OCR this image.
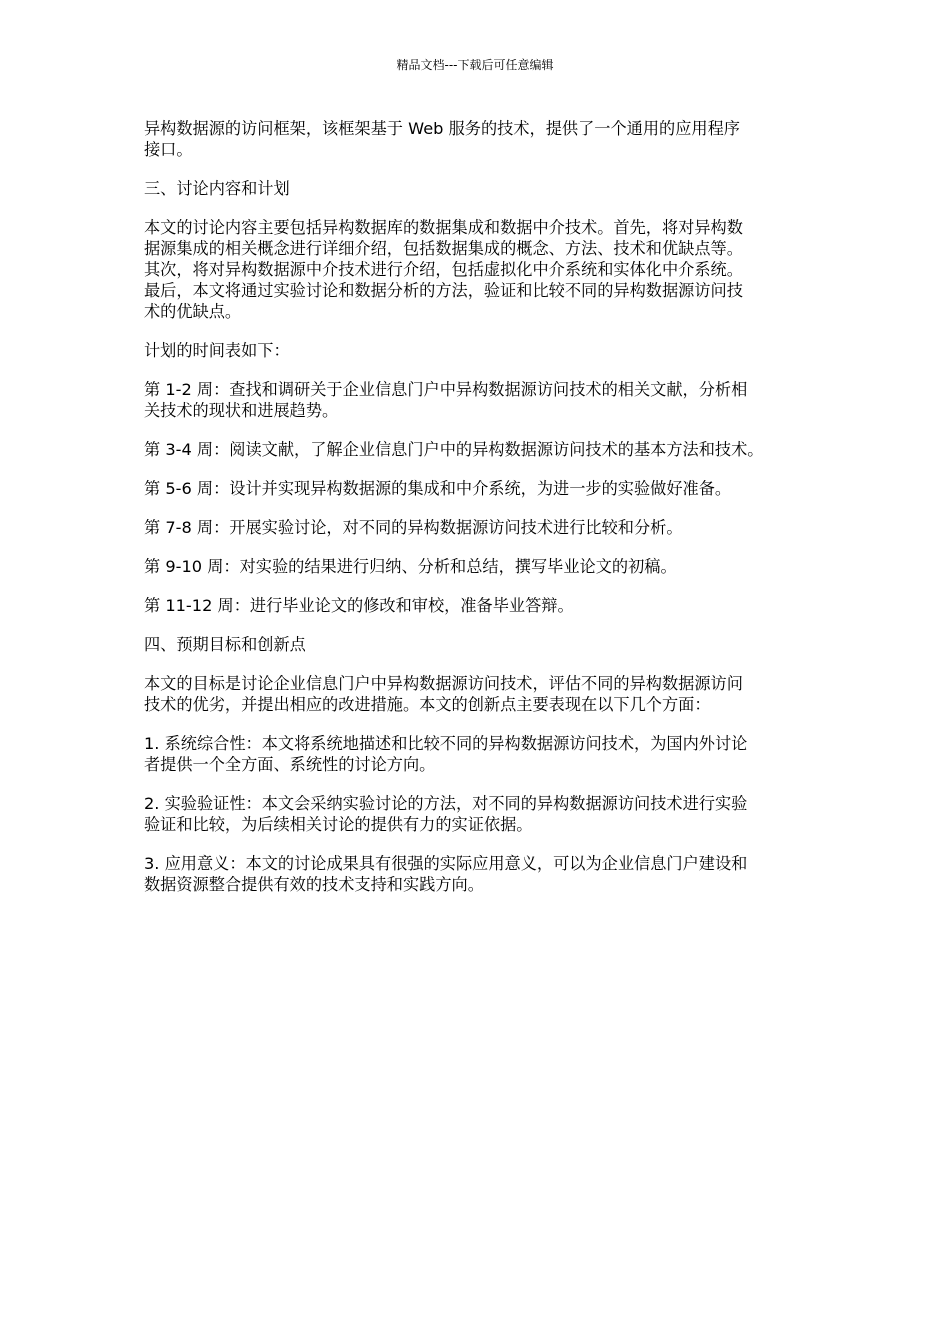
精品文档---下载后可任意编辑

异构数据源的访问框架，该框架基于 Web 服务的技术，提供了一个通用的应用程序
接口。

三、讨论内容和计划

本文的讨论内容主要包括异构数据库的数据集成和数据中介技术。首先，将对异构数
据源集成的相关概念进行详细介绍，包括数据集成的概念、方法、技术和优缺点等。
其次，将对异构数据源中介技术进行介绍，包括虚拟化中介系统和实体化中介系统。
最后，本文将通过实验讨论和数据分析的方法，验证和比较不同的异构数据源访问技
术的优缺点。

计划的时间表如下：

第 1-2 周：查找和调研关于企业信息门户中异构数据源访问技术的相关文献，分析相
关技术的现状和进展趋势。

第 3-4 周：阅读文献，了解企业信息门户中的异构数据源访问技术的基本方法和技术。

第 5-6 周：设计并实现异构数据源的集成和中介系统，为进一步的实验做好准备。

第 7-8 周：开展实验讨论，对不同的异构数据源访问技术进行比较和分析。

第 9-10 周：对实验的结果进行归纳、分析和总结，撰写毕业论文的初稿。

第 11-12 周：进行毕业论文的修改和审校，准备毕业答辩。

四、预期目标和创新点

本文的目标是讨论企业信息门户中异构数据源访问技术，评估不同的异构数据源访问
技术的优劣，并提出相应的改进措施。本文的创新点主要表现在以下几个方面：

1. 系统综合性：本文将系统地描述和比较不同的异构数据源访问技术，为国内外讨论
者提供一个全方面、系统性的讨论方向。

2. 实验验证性：本文会采纳实验讨论的方法，对不同的异构数据源访问技术进行实验
验证和比较，为后续相关讨论的提供有力的实证依据。

3. 应用意义：本文的讨论成果具有很强的实际应用意义，可以为企业信息门户建设和
数据资源整合提供有效的技术支持和实践方向。
